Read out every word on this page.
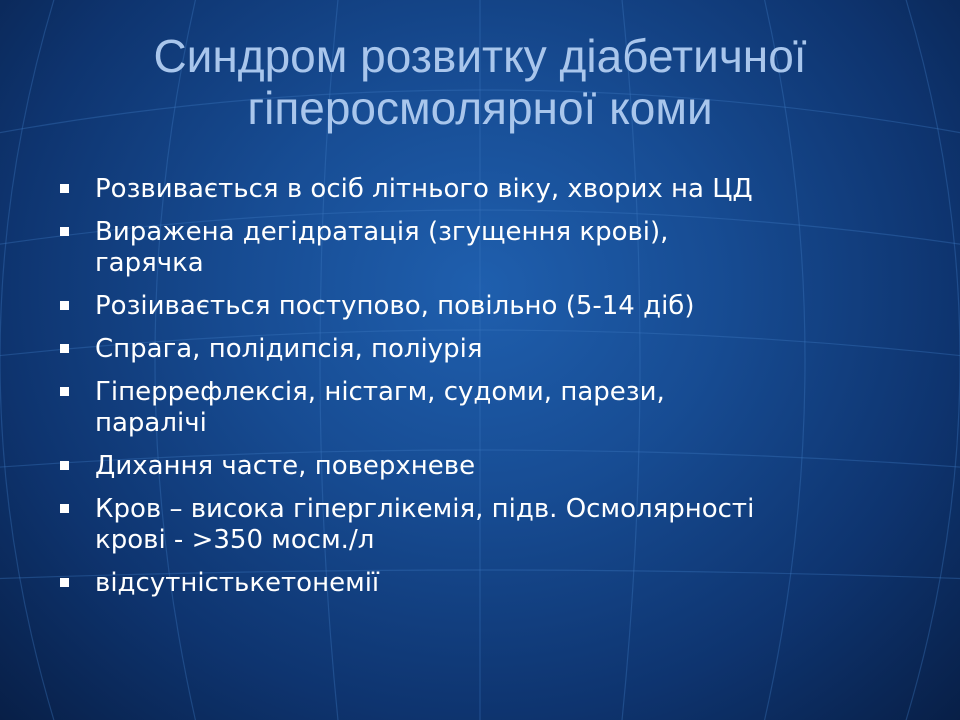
Синдром розвитку діабетичної
гіперосмолярної коми
Розвивається в осіб літнього віку, хворих на ЦД
Виражена дегідратація (згущення крові),
гарячка
Розіивається поступово, повільно (5-14 діб)
Спрага, полідипсія, поліурія
Гіперрефлексія, ністагм, судоми, парези,
паралічі
Дихання часте, поверхневе
Кров – висока гіперглікемія, підв. Осмолярності
крові - >350 мосм./л
відсутністькетонемії
